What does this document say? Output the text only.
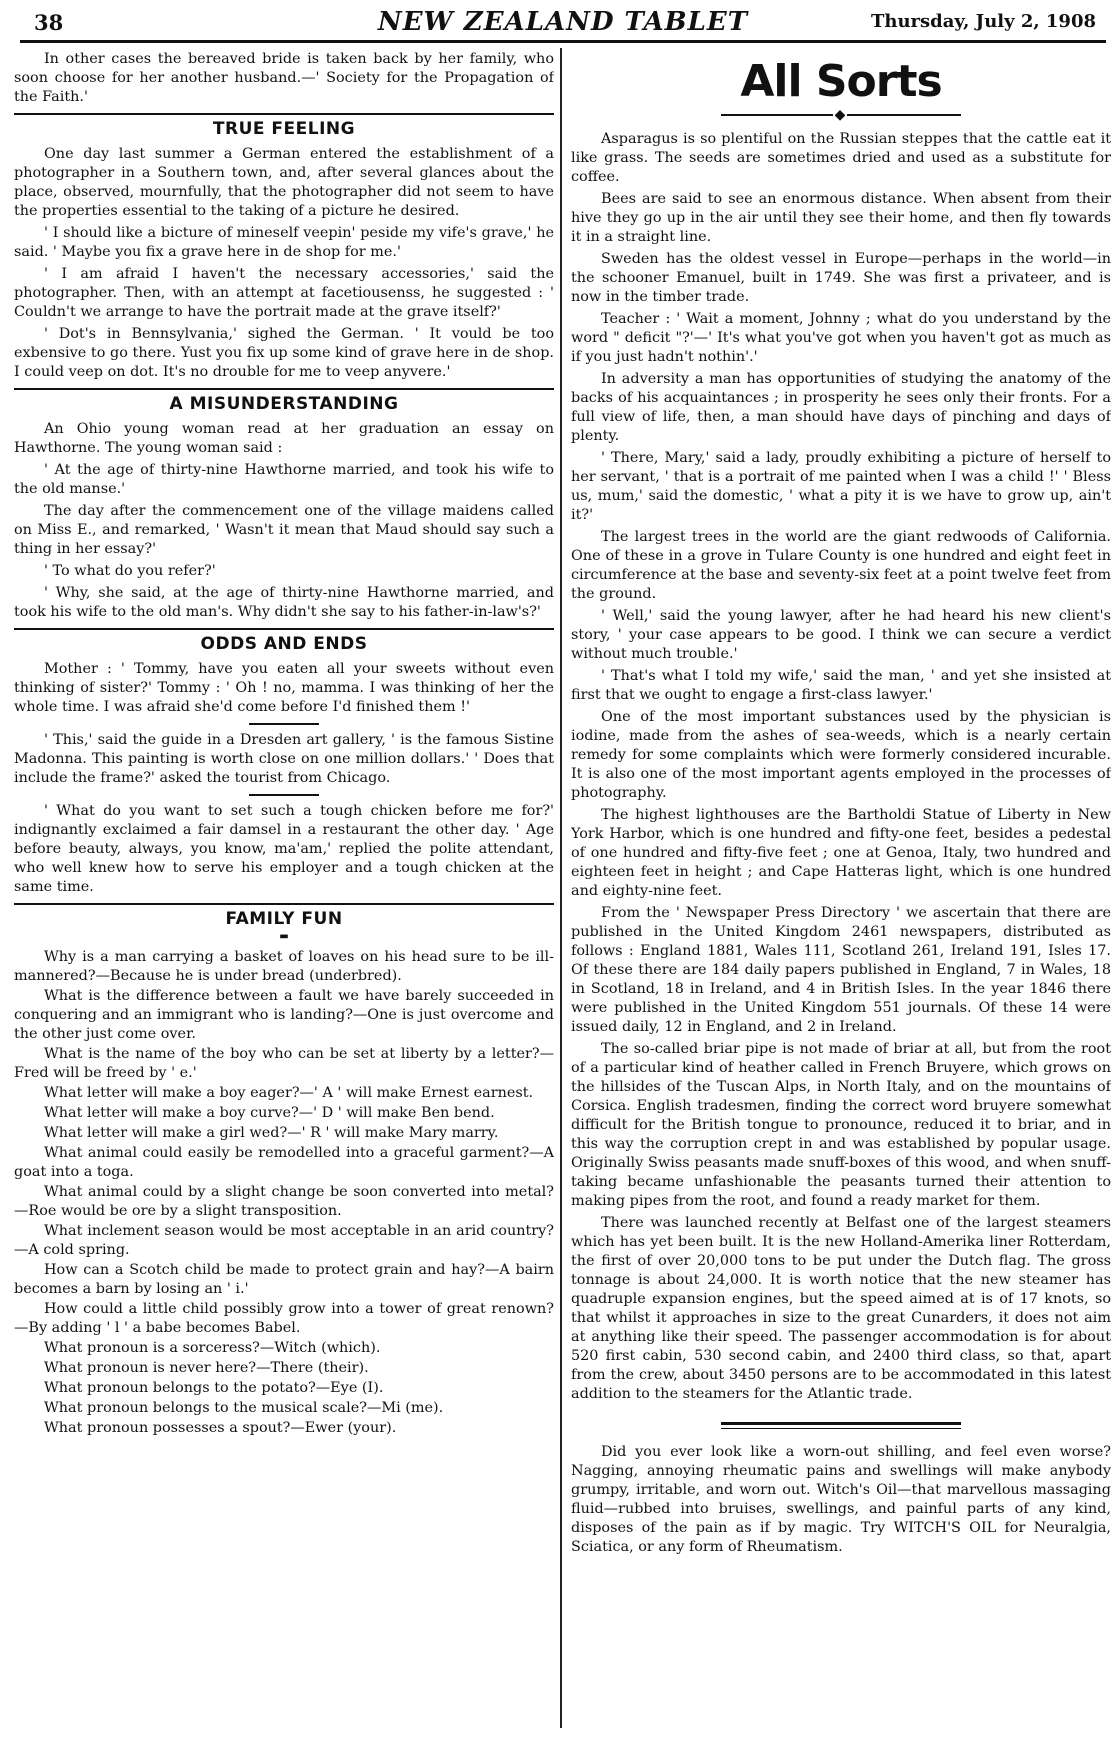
38	NEW ZEALAND TABLET	Thursday, July 2, 1908

In other cases the bereaved bride is taken back by her family, who soon choose for her another husband.—' Society for the Propagation of the Faith.'

TRUE FEELING

One day last summer a German entered the establishment of a photographer in a Southern town, and, after several glances about the place, observed, mournfully, that the photographer did not seem to have the properties essential to the taking of a picture he desired.

' I should like a bicture of mineself veepin' peside my vife's grave,' he said. ' Maybe you fix a grave here in de shop for me.'

' I am afraid I haven't the necessary accessories,' said the photographer. Then, with an attempt at facetiousenss, he suggested : ' Couldn't we arrange to have the portrait made at the grave itself?'

' Dot's in Bennsylvania,' sighed the German. ' It vould be too exbensive to go there. Yust you fix up some kind of grave here in de shop. I could veep on dot. It's no drouble for me to veep anyvere.'

A MISUNDERSTANDING

An Ohio young woman read at her graduation an essay on Hawthorne. The young woman said :

' At the age of thirty-nine Hawthorne married, and took his wife to the old manse.'

The day after the commencement one of the village maidens called on Miss E., and remarked, ' Wasn't it mean that Maud should say such a thing in her essay?'

' To what do you refer?'

' Why, she said, at the age of thirty-nine Hawthorne married, and took his wife to the old man's. Why didn't she say to his father-in-law's?'

ODDS AND ENDS

Mother : ' Tommy, have you eaten all your sweets without even thinking of sister?' Tommy : ' Oh ! no, mamma. I was thinking of her the whole time. I was afraid she'd come before I'd finished them !'

' This,' said the guide in a Dresden art gallery, ' is the famous Sistine Madonna. This painting is worth close on one million dollars.' ' Does that include the frame?' asked the tourist from Chicago.

' What do you want to set such a tough chicken before me for?' indignantly exclaimed a fair damsel in a restaurant the other day. ' Age before beauty, always, you know, ma'am,' replied the polite attendant, who well knew how to serve his employer and a tough chicken at the same time.

FAMILY FUN
▬

Why is a man carrying a basket of loaves on his head sure to be ill-mannered?—Because he is under bread (underbred).

What is the difference between a fault we have barely succeeded in conquering and an immigrant who is landing?—One is just overcome and the other just come over.

What is the name of the boy who can be set at liberty by a letter?—Fred will be freed by ' e.'

What letter will make a boy eager?—' A ' will make Ernest earnest.

What letter will make a boy curve?—' D ' will make Ben bend.

What letter will make a girl wed?—' R ' will make Mary marry.

What animal could easily be remodelled into a graceful garment?—A goat into a toga.

What animal could by a slight change be soon converted into metal?—Roe would be ore by a slight transposition.

What inclement season would be most acceptable in an arid country?—A cold spring.

How can a Scotch child be made to protect grain and hay?—A bairn becomes a barn by losing an ' i.'

How could a little child possibly grow into a tower of great renown?—By adding ' l ' a babe becomes Babel.

What pronoun is a sorceress?—Witch (which).

What pronoun is never here?—There (their).

What pronoun belongs to the potato?—Eye (I).

What pronoun belongs to the musical scale?—Mi (me).

What pronoun possesses a spout?—Ewer (your).

All Sorts
◆

Asparagus is so plentiful on the Russian steppes that the cattle eat it like grass. The seeds are sometimes dried and used as a substitute for coffee.

Bees are said to see an enormous distance. When absent from their hive they go up in the air until they see their home, and then fly towards it in a straight line.

Sweden has the oldest vessel in Europe—perhaps in the world—in the schooner Emanuel, built in 1749. She was first a privateer, and is now in the timber trade.

Teacher : ' Wait a moment, Johnny ; what do you understand by the word " deficit "?'—' It's what you've got when you haven't got as much as if you just hadn't nothin'.'

In adversity a man has opportunities of studying the anatomy of the backs of his acquaintances ; in prosperity he sees only their fronts. For a full view of life, then, a man should have days of pinching and days of plenty.

' There, Mary,' said a lady, proudly exhibiting a picture of herself to her servant, ' that is a portrait of me painted when I was a child !' ' Bless us, mum,' said the domestic, ' what a pity it is we have to grow up, ain't it?'

The largest trees in the world are the giant redwoods of California. One of these in a grove in Tulare County is one hundred and eight feet in circumference at the base and seventy-six feet at a point twelve feet from the ground.

' Well,' said the young lawyer, after he had heard his new client's story, ' your case appears to be good. I think we can secure a verdict without much trouble.'

' That's what I told my wife,' said the man, ' and yet she insisted at first that we ought to engage a first-class lawyer.'

One of the most important substances used by the physician is iodine, made from the ashes of sea-weeds, which is a nearly certain remedy for some complaints which were formerly considered incurable. It is also one of the most important agents employed in the processes of photography.

The highest lighthouses are the Bartholdi Statue of Liberty in New York Harbor, which is one hundred and fifty-one feet, besides a pedestal of one hundred and fifty-five feet ; one at Genoa, Italy, two hundred and eighteen feet in height ; and Cape Hatteras light, which is one hundred and eighty-nine feet.

From the ' Newspaper Press Directory ' we ascertain that there are published in the United Kingdom 2461 newspapers, distributed as follows : England 1881, Wales 111, Scotland 261, Ireland 191, Isles 17. Of these there are 184 daily papers published in England, 7 in Wales, 18 in Scotland, 18 in Ireland, and 4 in British Isles. In the year 1846 there were published in the United Kingdom 551 journals. Of these 14 were issued daily, 12 in England, and 2 in Ireland.

The so-called briar pipe is not made of briar at all, but from the root of a particular kind of heather called in French Bruyere, which grows on the hillsides of the Tuscan Alps, in North Italy, and on the mountains of Corsica. English tradesmen, finding the correct word bruyere somewhat difficult for the British tongue to pronounce, reduced it to briar, and in this way the corruption crept in and was established by popular usage. Originally Swiss peasants made snuff-boxes of this wood, and when snuff-taking became unfashionable the peasants turned their attention to making pipes from the root, and found a ready market for them.

There was launched recently at Belfast one of the largest steamers which has yet been built. It is the new Holland-Amerika liner Rotterdam, the first of over 20,000 tons to be put under the Dutch flag. The gross tonnage is about 24,000. It is worth notice that the new steamer has quadruple expansion engines, but the speed aimed at is of 17 knots, so that whilst it approaches in size to the great Cunarders, it does not aim at anything like their speed. The passenger accommodation is for about 520 first cabin, 530 second cabin, and 2400 third class, so that, apart from the crew, about 3450 persons are to be accommodated in this latest addition to the steamers for the Atlantic trade.

Did you ever look like a worn-out shilling, and feel even worse? Nagging, annoying rheumatic pains and swellings will make anybody grumpy, irritable, and worn out. Witch's Oil—that marvellous massaging fluid—rubbed into bruises, swellings, and painful parts of any kind, disposes of the pain as if by magic. Try WITCH'S OIL for Neuralgia, Sciatica, or any form of Rheumatism.
